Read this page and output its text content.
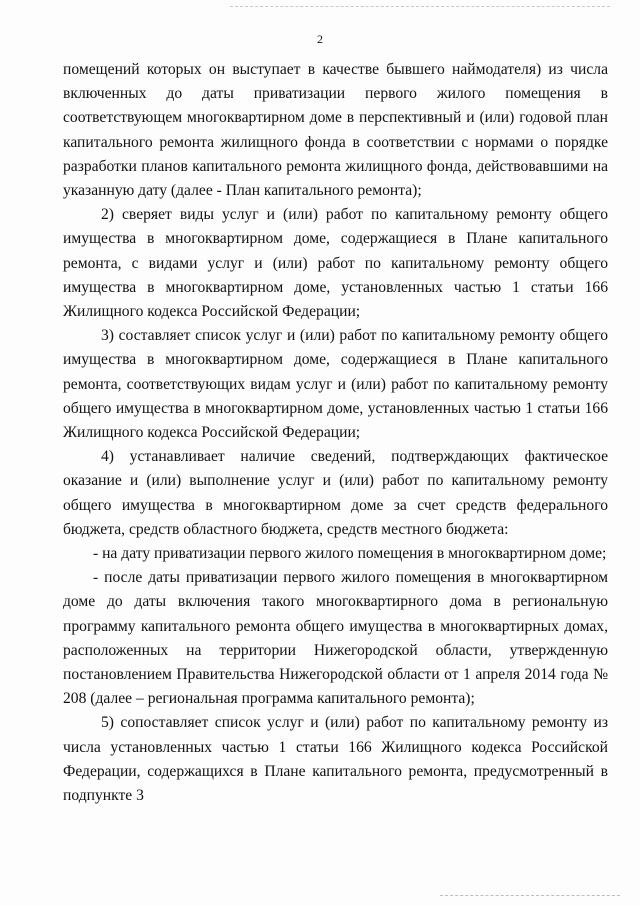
2

помещений которых он выступает в качестве бывшего наймодателя) из числа включенных до даты приватизации первого жилого помещения в соответствующем многоквартирном доме в перспективный и (или) годовой план капитального ремонта жилищного фонда в соответствии с нормами о порядке разработки планов капитального ремонта жилищного фонда, действовавшими на указанную дату (далее - План капитального ремонта);

2) сверяет виды услуг и (или) работ по капитальному ремонту общего имущества в многоквартирном доме, содержащиеся в Плане капитального ремонта, с видами услуг и (или) работ по капитальному ремонту общего имущества в многоквартирном доме, установленных частью 1 статьи 166 Жилищного кодекса Российской Федерации;

3) составляет список услуг и (или) работ по капитальному ремонту общего имущества в многоквартирном доме, содержащиеся в Плане капитального ремонта, соответствующих видам услуг и (или) работ по капитальному ремонту общего имущества в многоквартирном доме, установленных частью 1 статьи 166 Жилищного кодекса Российской Федерации;

4) устанавливает наличие сведений, подтверждающих фактическое оказание и (или) выполнение услуг и (или) работ по капитальному ремонту общего имущества в многоквартирном доме за счет средств федерального бюджета, средств областного бюджета, средств местного бюджета:

- на дату приватизации первого жилого помещения в многоквартирном доме;

- после даты приватизации первого жилого помещения в многоквартирном доме до даты включения такого многоквартирного дома в региональную программу капитального ремонта общего имущества в многоквартирных домах, расположенных на территории Нижегородской области, утвержденную постановлением Правительства Нижегородской области от 1 апреля 2014 года № 208 (далее – региональная программа капитального ремонта);

5) сопоставляет список услуг и (или) работ по капитальному ремонту из числа установленных частью 1 статьи 166 Жилищного кодекса Российской Федерации, содержащихся в Плане капитального ремонта, предусмотренный в подпункте 3
